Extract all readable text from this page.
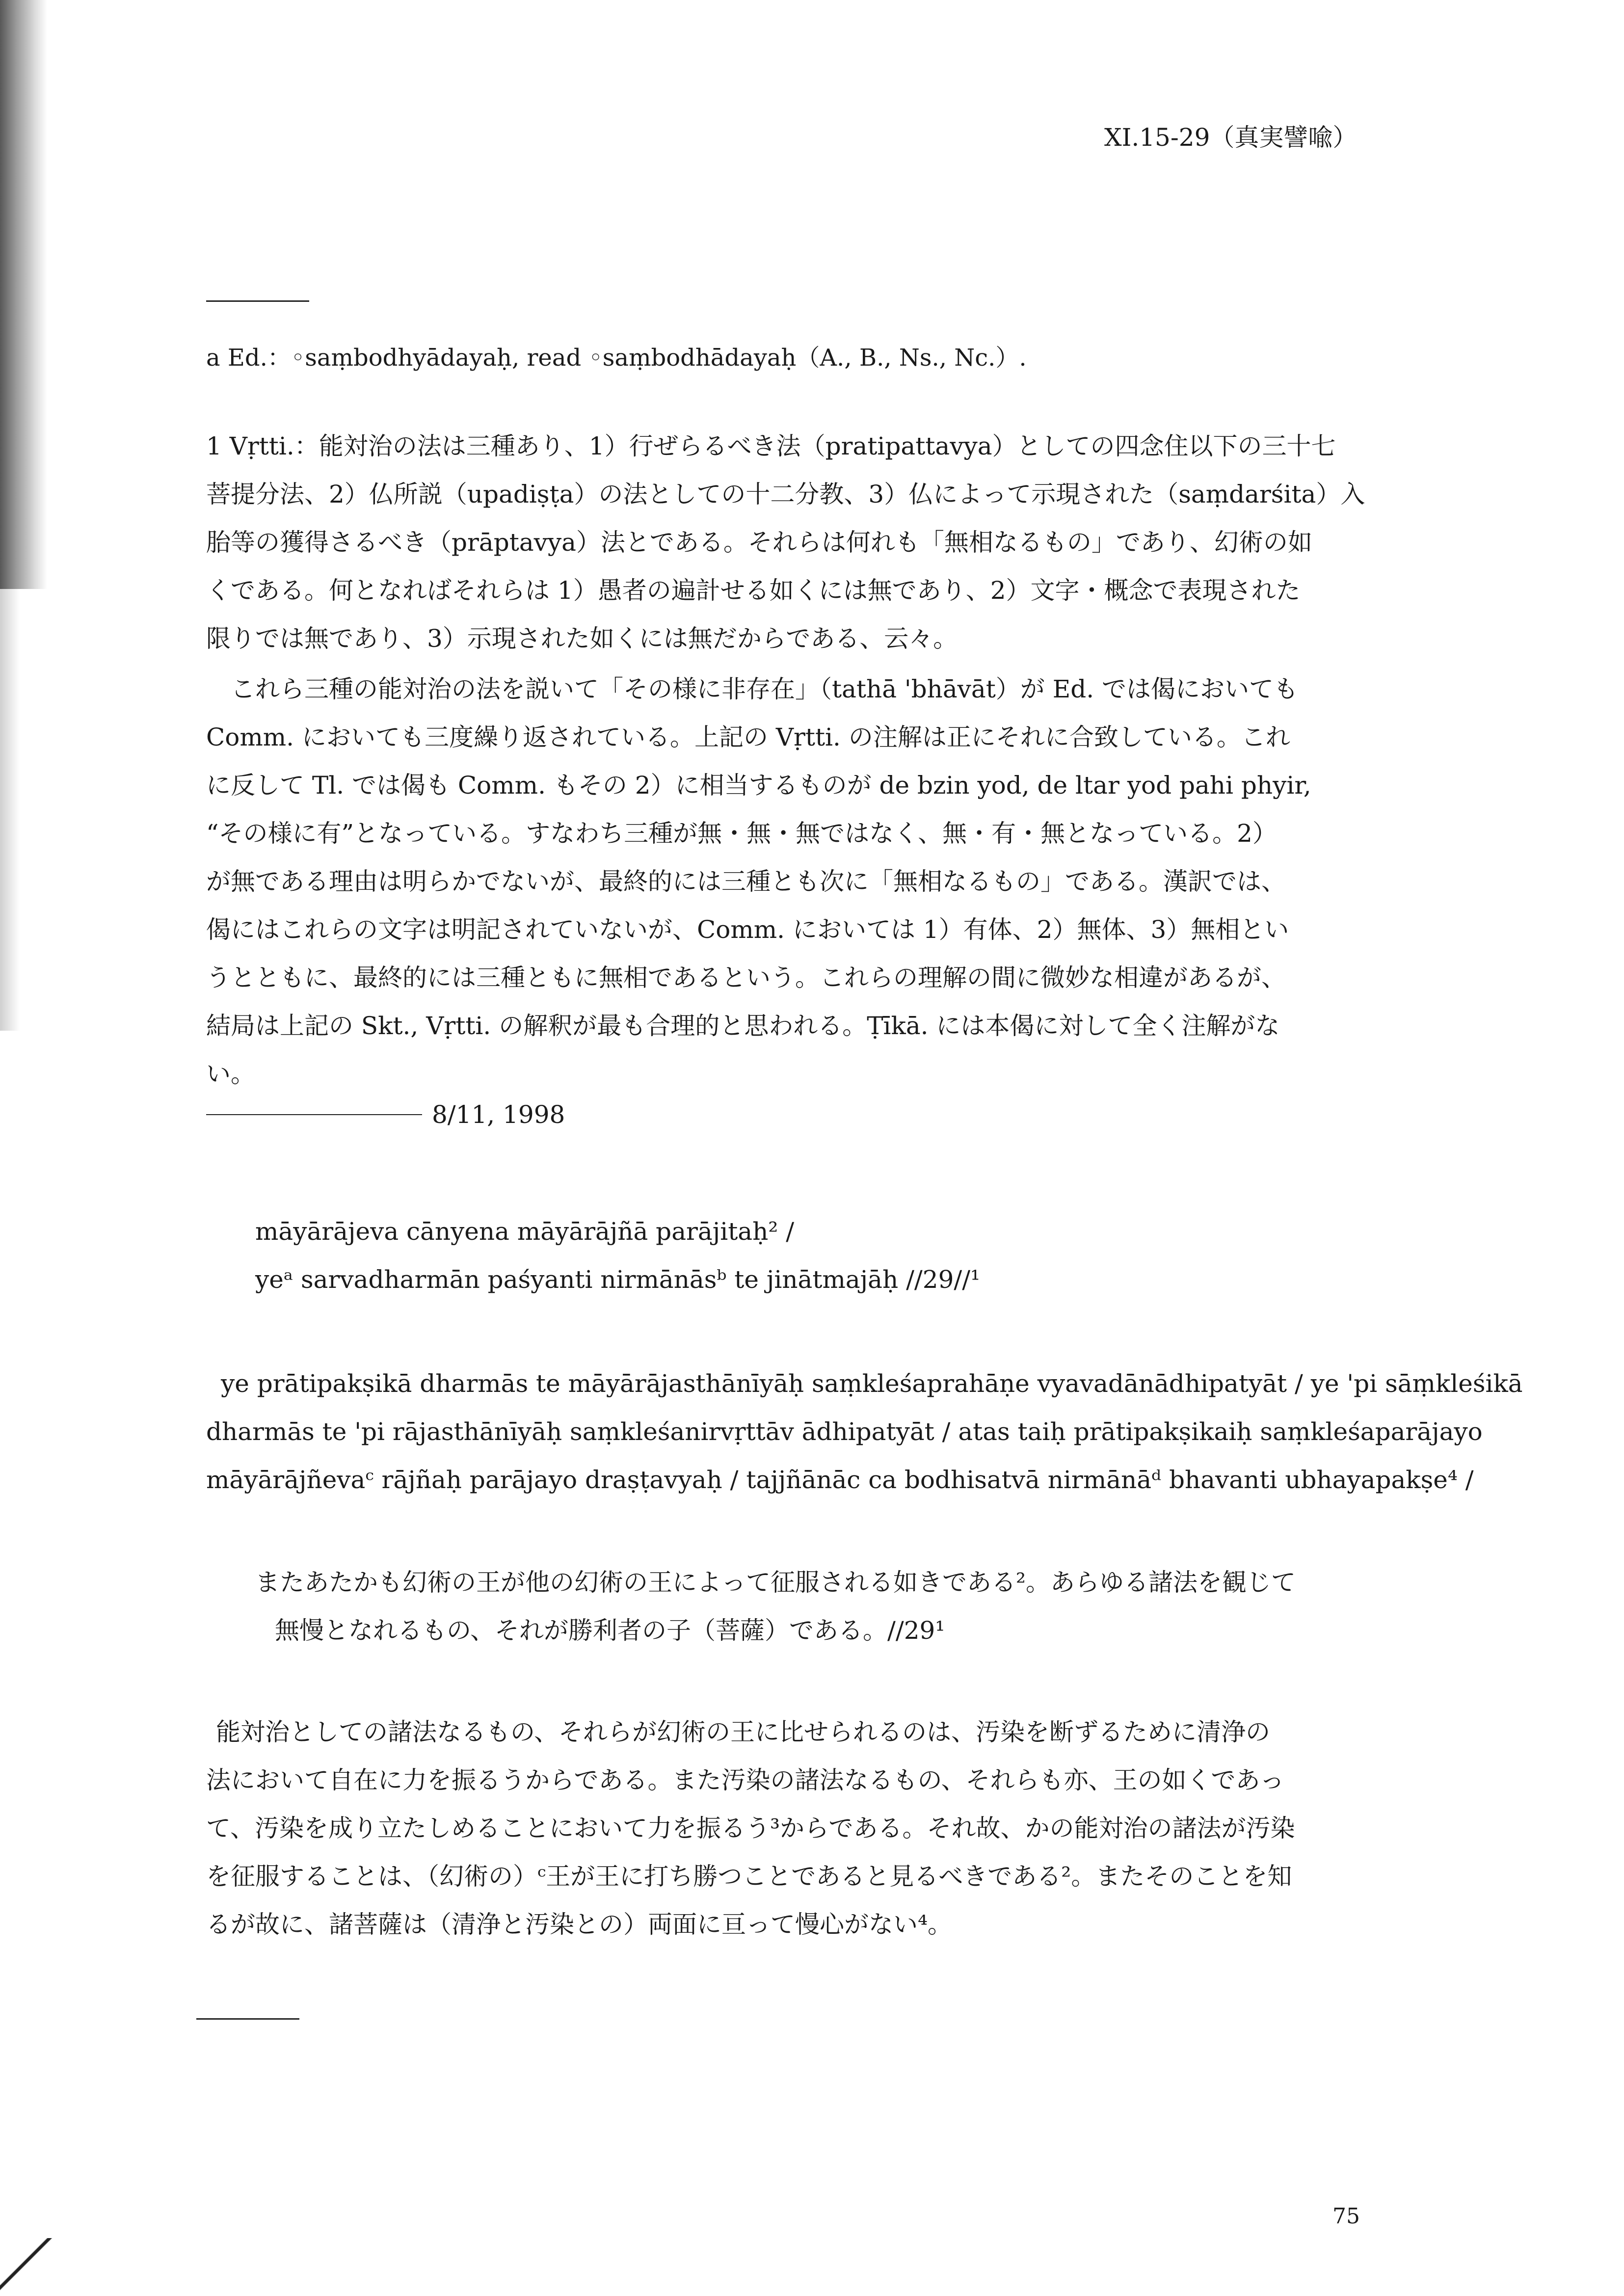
XI.15-29（真実譬喩）
a Ed.：◦saṃbodhyādayaḥ, read ◦saṃbodhādayaḥ（A., B., Ns., Nc.）.
1 Vṛtti.：能対治の法は三種あり、1）行ぜらるべき法（pratipattavya）としての四念住以下の三十七
菩提分法、2）仏所説（upadiṣṭa）の法としての十二分教、3）仏によって示現された（saṃdarśita）入
胎等の獲得さるべき（prāptavya）法とである。それらは何れも「無相なるもの」であり、幻術の如
くである。何となればそれらは 1）愚者の遍計せる如くには無であり、2）文字・概念で表現された
限りでは無であり、3）示現された如くには無だからである、云々。
これら三種の能対治の法を説いて「その様に非存在」（tathā 'bhāvāt）が Ed. では偈においても
Comm. においても三度繰り返されている。上記の Vṛtti. の注解は正にそれに合致している。これ
に反して Tl. では偈も Comm. もその 2）に相当するものが de bzin yod, de ltar yod pahi phyir,
“その様に有”となっている。すなわち三種が無・無・無ではなく、無・有・無となっている。2）
が無である理由は明らかでないが、最終的には三種とも次に「無相なるもの」である。漢訳では、
偈にはこれらの文字は明記されていないが、Comm. においては 1）有体、2）無体、3）無相とい
うとともに、最終的には三種ともに無相であるという。これらの理解の間に微妙な相違があるが、
結局は上記の Skt., Vṛtti. の解釈が最も合理的と思われる。Ṭīkā. には本偈に対して全く注解がな
い。
8/11, 1998
māyārājeva cānyena māyārājñā parājitaḥ² /
yeᵃ sarvadharmān paśyanti nirmānāsᵇ te jinātmajāḥ //29//¹
ye prātipakṣikā dharmās te māyārājasthānīyāḥ saṃkleśaprahāṇe vyavadānādhipatyāt / ye 'pi sāṃkleśikā
dharmās te 'pi rājasthānīyāḥ saṃkleśanirvṛttāv ādhipatyāt / atas taiḥ prātipakṣikaiḥ saṃkleśaparājayo
māyārājñevaᶜ rājñaḥ parājayo draṣṭavyaḥ / tajjñānāc ca bodhisatvā nirmānāᵈ bhavanti ubhayapakṣe⁴ /
またあたかも幻術の王が他の幻術の王によって征服される如きである²。あらゆる諸法を観じて
無慢となれるもの、それが勝利者の子（菩薩）である。//29¹
能対治としての諸法なるもの、それらが幻術の王に比せられるのは、汚染を断ずるために清浄の
法において自在に力を振るうからである。また汚染の諸法なるもの、それらも亦、王の如くであっ
て、汚染を成り立たしめることにおいて力を振るう³からである。それ故、かの能対治の諸法が汚染
を征服することは、（幻術の）ᶜ王が王に打ち勝つことであると見るべきである²。またそのことを知
るが故に、諸菩薩は（清浄と汚染との）両面に亘って慢心がない⁴。
75
